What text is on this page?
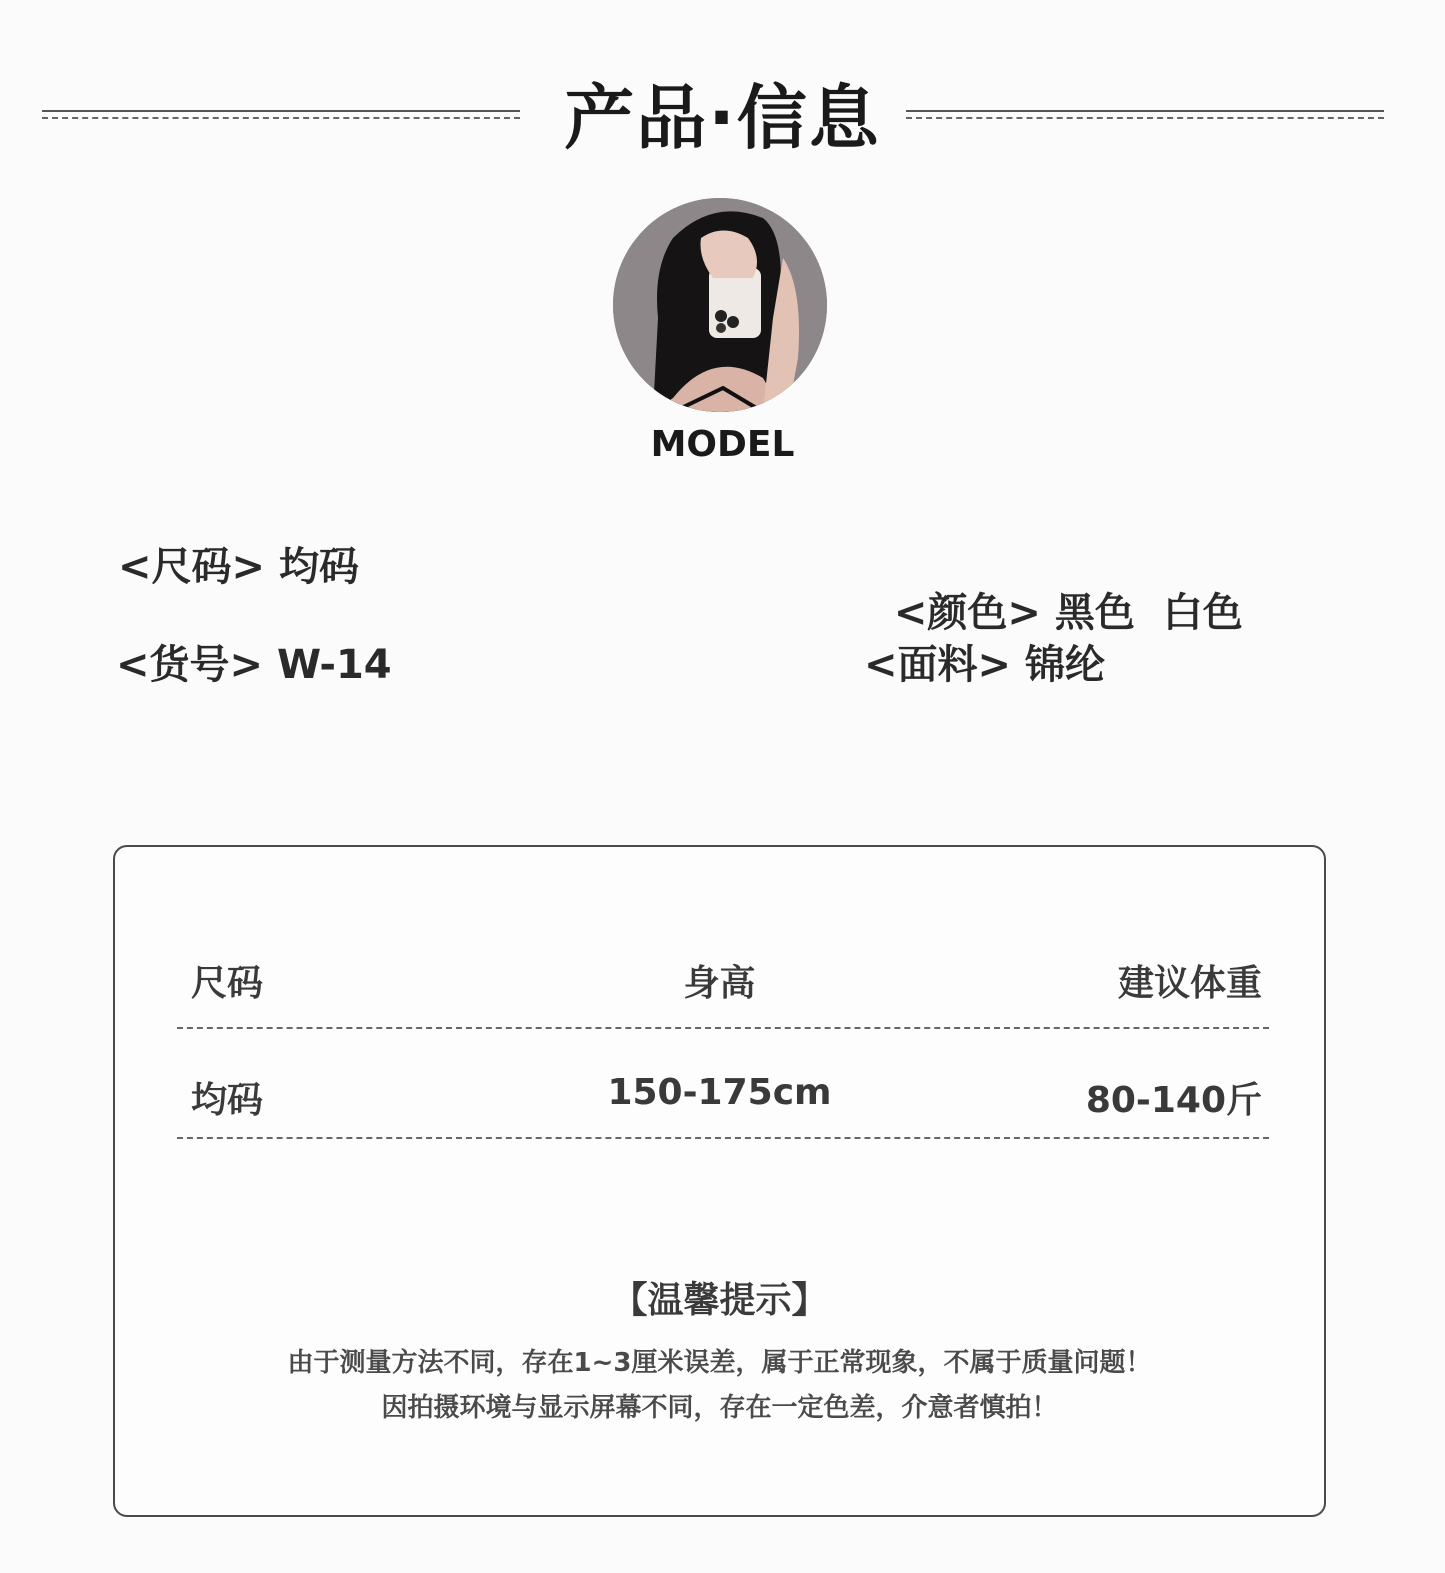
产品·信息
MODEL
<尺码> 均码

<颜色> 黑色  白色

<货号> W-14	<面料> 锦纶
尺码	身高	建议体重
均码	150-175cm	80-140斤
【温馨提示】
由于测量方法不同，存在1~3厘米误差，属于正常现象，不属于质量问题！
因拍摄环境与显示屏幕不同，存在一定色差，介意者慎拍！
